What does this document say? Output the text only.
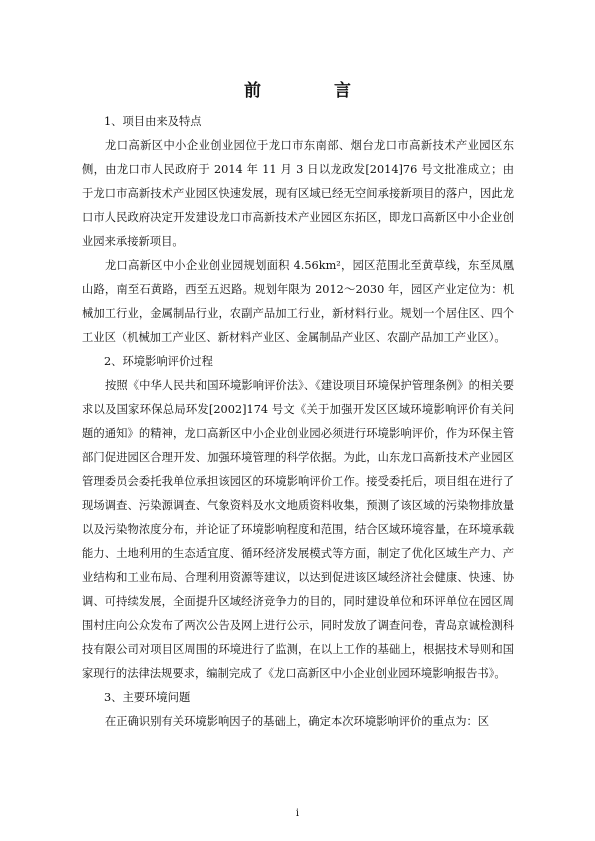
前　言
1、项目由来及特点
龙口高新区中小企业创业园位于龙口市东南部、烟台龙口市高新技术产业园区东侧，由龙口市人民政府于 2014 年 11 月 3 日以龙政发[2014]76 号文批准成立；由于龙口市高新技术产业园区快速发展，现有区域已经无空间承接新项目的落户，因此龙口市人民政府决定开发建设龙口市高新技术产业园区东拓区，即龙口高新区中小企业创业园来承接新项目。
龙口高新区中小企业创业园规划面积 4.56km²，园区范围北至黄草线，东至凤凰山路，南至石黄路，西至五迟路。规划年限为 2012～2030 年，园区产业定位为：机械加工行业，金属制品行业，农副产品加工行业，新材料行业。规划一个居住区、四个工业区（机械加工产业区、新材料产业区、金属制品产业区、农副产品加工产业区）。
2、环境影响评价过程
按照《中华人民共和国环境影响评价法》、《建设项目环境保护管理条例》的相关要求以及国家环保总局环发[2002]174 号文《关于加强开发区区域环境影响评价有关问题的通知》的精神，龙口高新区中小企业创业园必须进行环境影响评价，作为环保主管部门促进园区合理开发、加强环境管理的科学依据。为此，山东龙口高新技术产业园区管理委员会委托我单位承担该园区的环境影响评价工作。接受委托后，项目组在进行了现场调查、污染源调查、气象资料及水文地质资料收集，预测了该区域的污染物排放量以及污染物浓度分布，并论证了环境影响程度和范围，结合区域环境容量，在环境承载能力、土地利用的生态适宜度、循环经济发展模式等方面，制定了优化区域生产力、产业结构和工业布局、合理利用资源等建议，以达到促进该区域经济社会健康、快速、协调、可持续发展，全面提升区域经济竞争力的目的，同时建设单位和环评单位在园区周围村庄向公众发布了两次公告及网上进行公示，同时发放了调查问卷，青岛京诚检测科技有限公司对项目区周围的环境进行了监测，在以上工作的基础上，根据技术导则和国家现行的法律法规要求，编制完成了《龙口高新区中小企业创业园环境影响报告书》。
3、主要环境问题
在正确识别有关环境影响因子的基础上，确定本次环境影响评价的重点为：区
i
